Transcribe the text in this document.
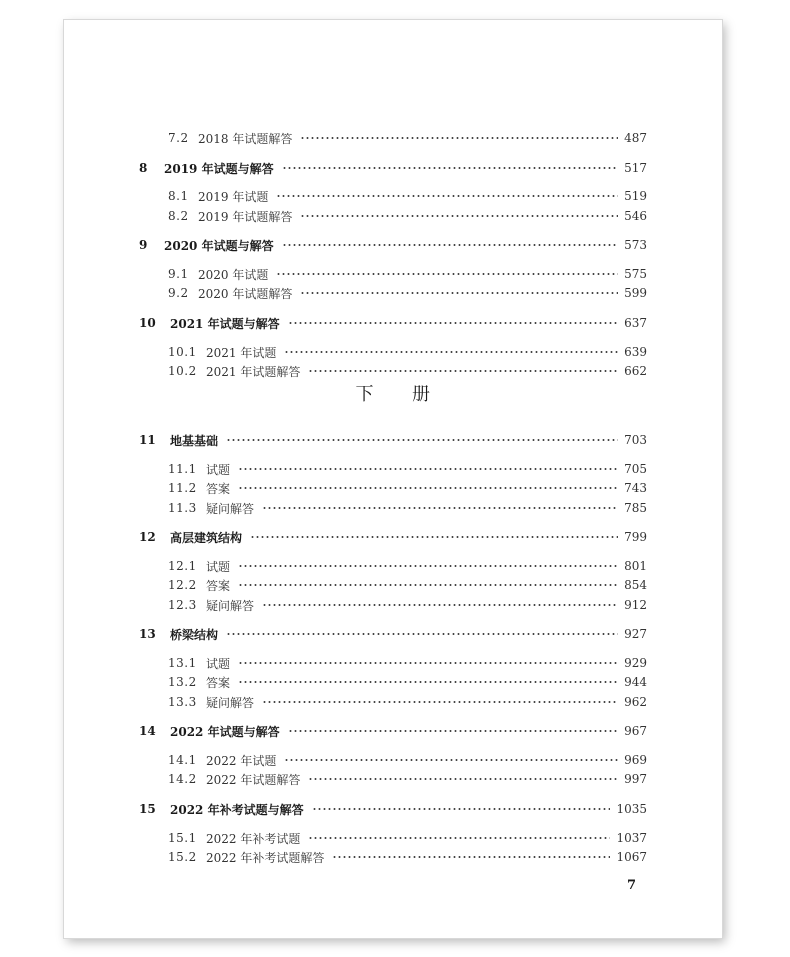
7.2 2018 年试题解答	487
8	2019 年试题与解答	517
8.1 2019 年试题	519
8.2 2019 年试题解答	546
9	2020 年试题与解答	573
9.1 2020 年试题	575
9.2 2020 年试题解答	599
10	2021 年试题与解答	637
10.1 2021 年试题	639
10.2 2021 年试题解答	662
下 册
11	地基基础	703
11.1 试题	705
11.2 答案	743
11.3 疑问解答	785
12	高层建筑结构	799
12.1 试题	801
12.2 答案	854
12.3 疑问解答	912
13	桥梁结构	927
13.1 试题	929
13.2 答案	944
13.3 疑问解答	962
14	2022 年试题与解答	967
14.1 2022 年试题	969
14.2 2022 年试题解答	997
15	2022 年补考试题与解答	1035
15.1 2022 年补考试题	1037
15.2 2022 年补考试题解答	1067
7
